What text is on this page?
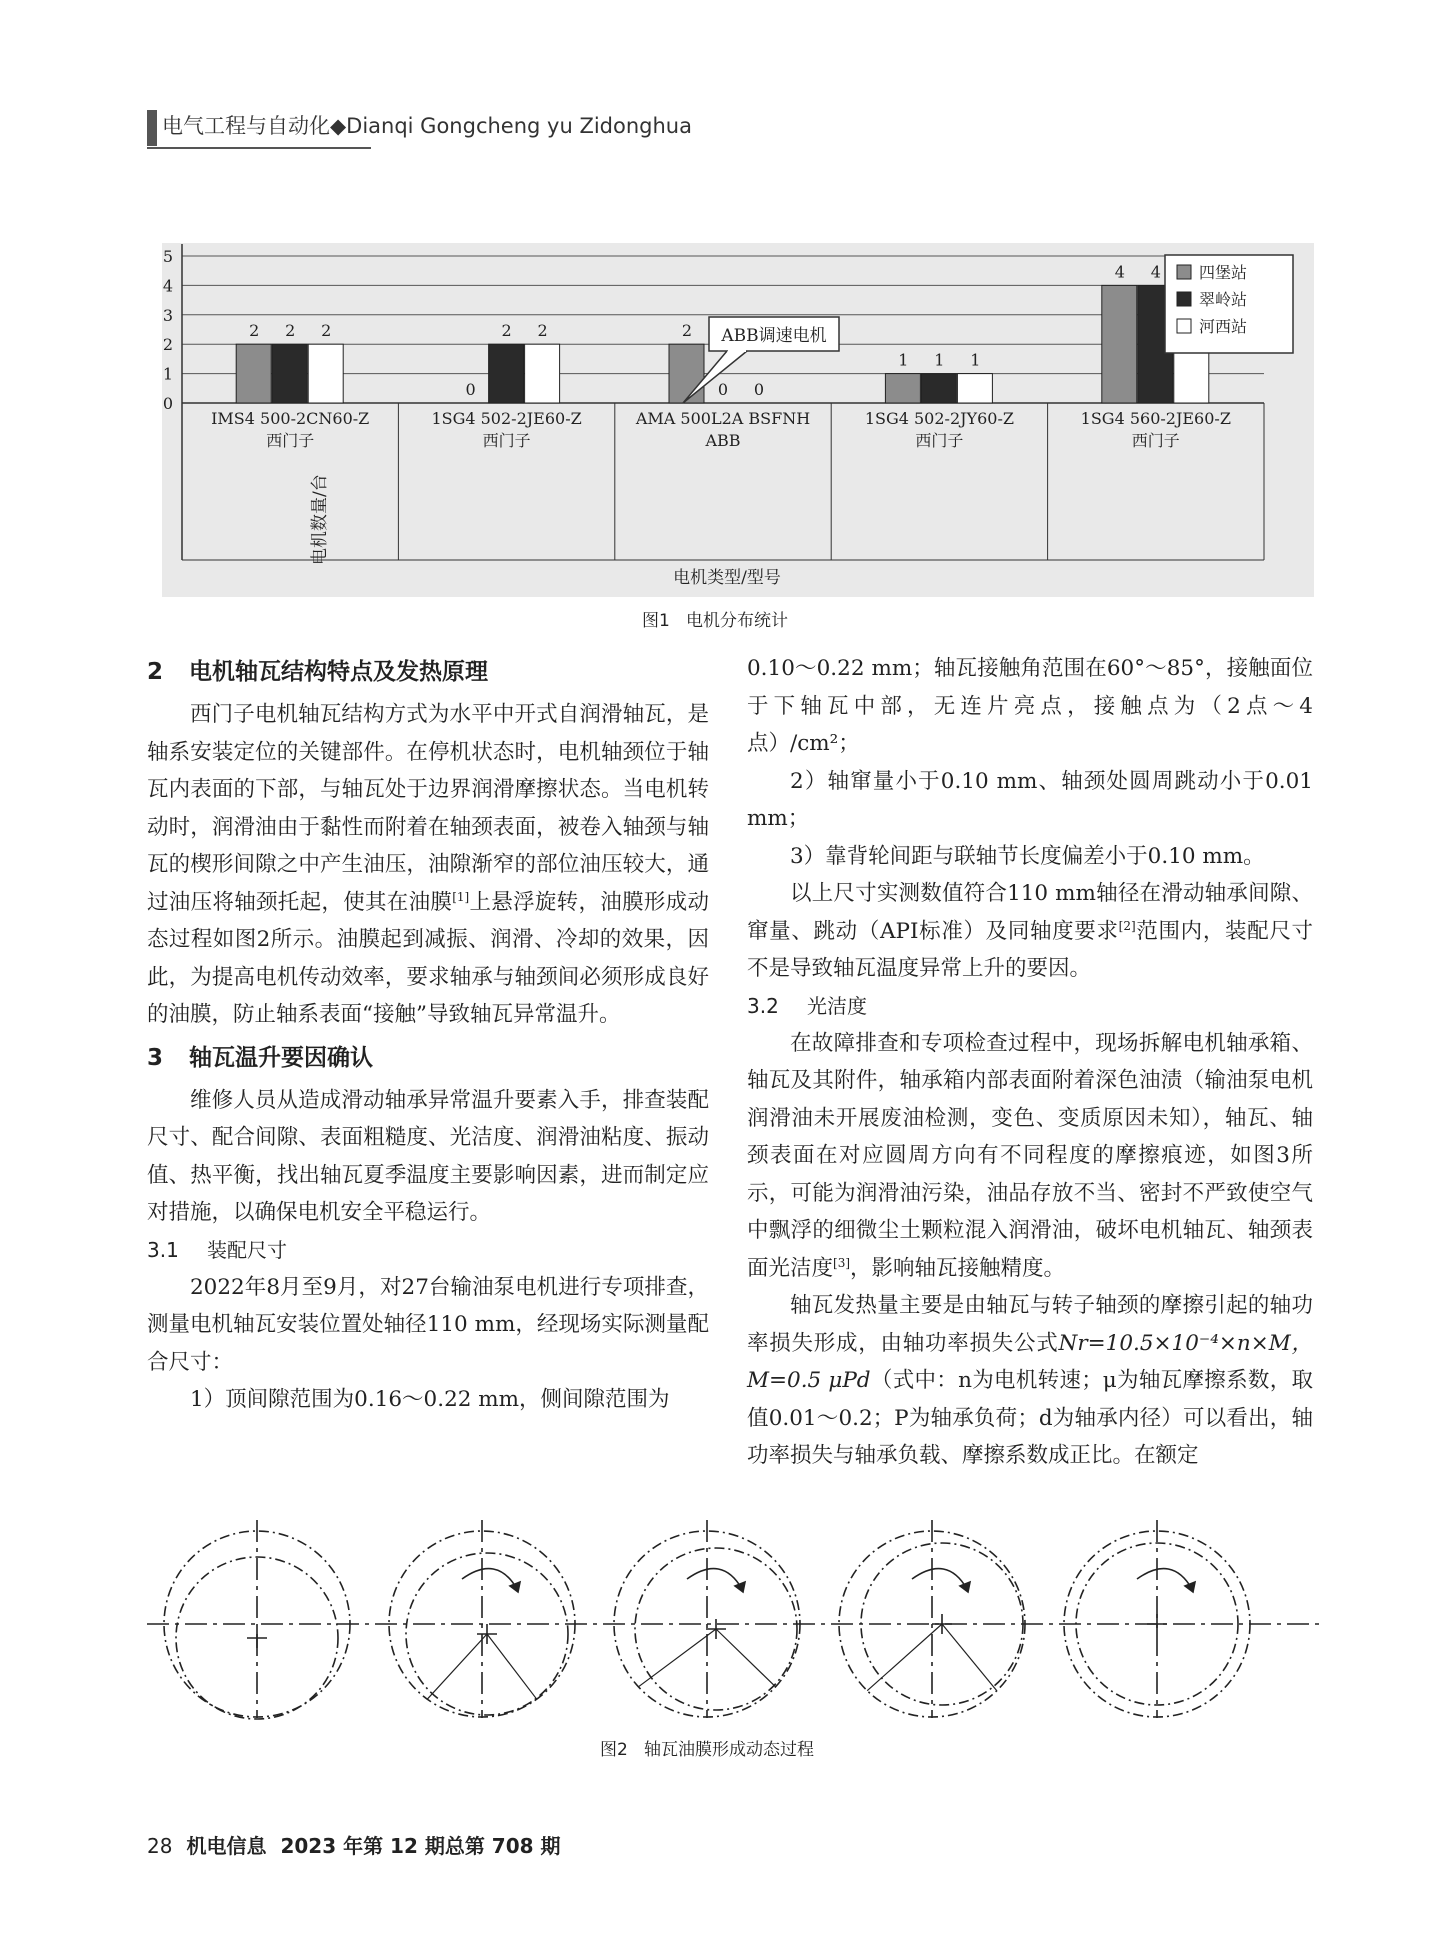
电气工程与自动化◆Dianqi Gongcheng yu Zidonghua
0
1
2
3
4
5
IMS4 500-2CN60-Z
西门子
2 2 2
1SG4 502-2JE60-Z
西门子
0
2 2
AMA 500L2A BSFNH
ABB
2
0 0
1SG4 502-2JY60-Z
西门子
1 1 1
1SG4 560-2JE60-Z
西门子
4 4
ABB调速电机
四堡站
翠岭站
河西站
电机数量/台
电机类型/型号
图1 电机分布统计
2 电机轴瓦结构特点及发热原理

西门子电机轴瓦结构方式为水平中开式自润滑轴瓦，是轴系安装定位的关键部件。在停机状态时，电机轴颈位于轴瓦内表面的下部，与轴瓦处于边界润滑摩擦状态。当电机转动时，润滑油由于黏性而附着在轴颈表面，被卷入轴颈与轴瓦的楔形间隙之中产生油压，油隙渐窄的部位油压较大，通过油压将轴颈托起，使其在油膜[1]上悬浮旋转，油膜形成动态过程如图2所示。油膜起到减振、润滑、冷却的效果，因此，为提高电机传动效率，要求轴承与轴颈间必须形成良好的油膜，防止轴系表面“接触”导致轴瓦异常温升。

3 轴瓦温升要因确认

维修人员从造成滑动轴承异常温升要素入手，排查装配尺寸、配合间隙、表面粗糙度、光洁度、润滑油粘度、振动值、热平衡，找出轴瓦夏季温度主要影响因素，进而制定应对措施，以确保电机安全平稳运行。

3.1 装配尺寸

2022年8月至9月，对27台输油泵电机进行专项排查，测量电机轴瓦安装位置处轴径110 mm，经现场实际测量配合尺寸：

1）顶间隙范围为0.16～0.22 mm，侧间隙范围为

0.10～0.22 mm；轴瓦接触角范围在60°～85°，接触面位于下轴瓦中部，无连片亮点，接触点为（2点～4点）/cm²；

2）轴窜量小于0.10 mm、轴颈处圆周跳动小于0.01 mm；

3）靠背轮间距与联轴节长度偏差小于0.10 mm。

以上尺寸实测数值符合110 mm轴径在滑动轴承间隙、窜量、跳动（API标准）及同轴度要求[2]范围内，装配尺寸不是导致轴瓦温度异常上升的要因。

3.2 光洁度

在故障排查和专项检查过程中，现场拆解电机轴承箱、轴瓦及其附件，轴承箱内部表面附着深色油渍（输油泵电机润滑油未开展废油检测，变色、变质原因未知），轴瓦、轴颈表面在对应圆周方向有不同程度的摩擦痕迹，如图3所示，可能为润滑油污染，油品存放不当、密封不严致使空气中飘浮的细微尘土颗粒混入润滑油，破坏电机轴瓦、轴颈表面光洁度[3]，影响轴瓦接触精度。

轴瓦发热量主要是由轴瓦与转子轴颈的摩擦引起的轴功率损失形成，由轴功率损失公式Nr=10.5×10⁻⁴×n×M，M=0.5 μPd（式中：n为电机转速；μ为轴瓦摩擦系数，取值0.01～0.2；P为轴承负荷；d为轴承内径）可以看出，轴功率损失与轴承负载、摩擦系数成正比。在额定

图2 轴瓦油膜形成动态过程
28 机电信息 2023 年第 12 期总第 708 期
